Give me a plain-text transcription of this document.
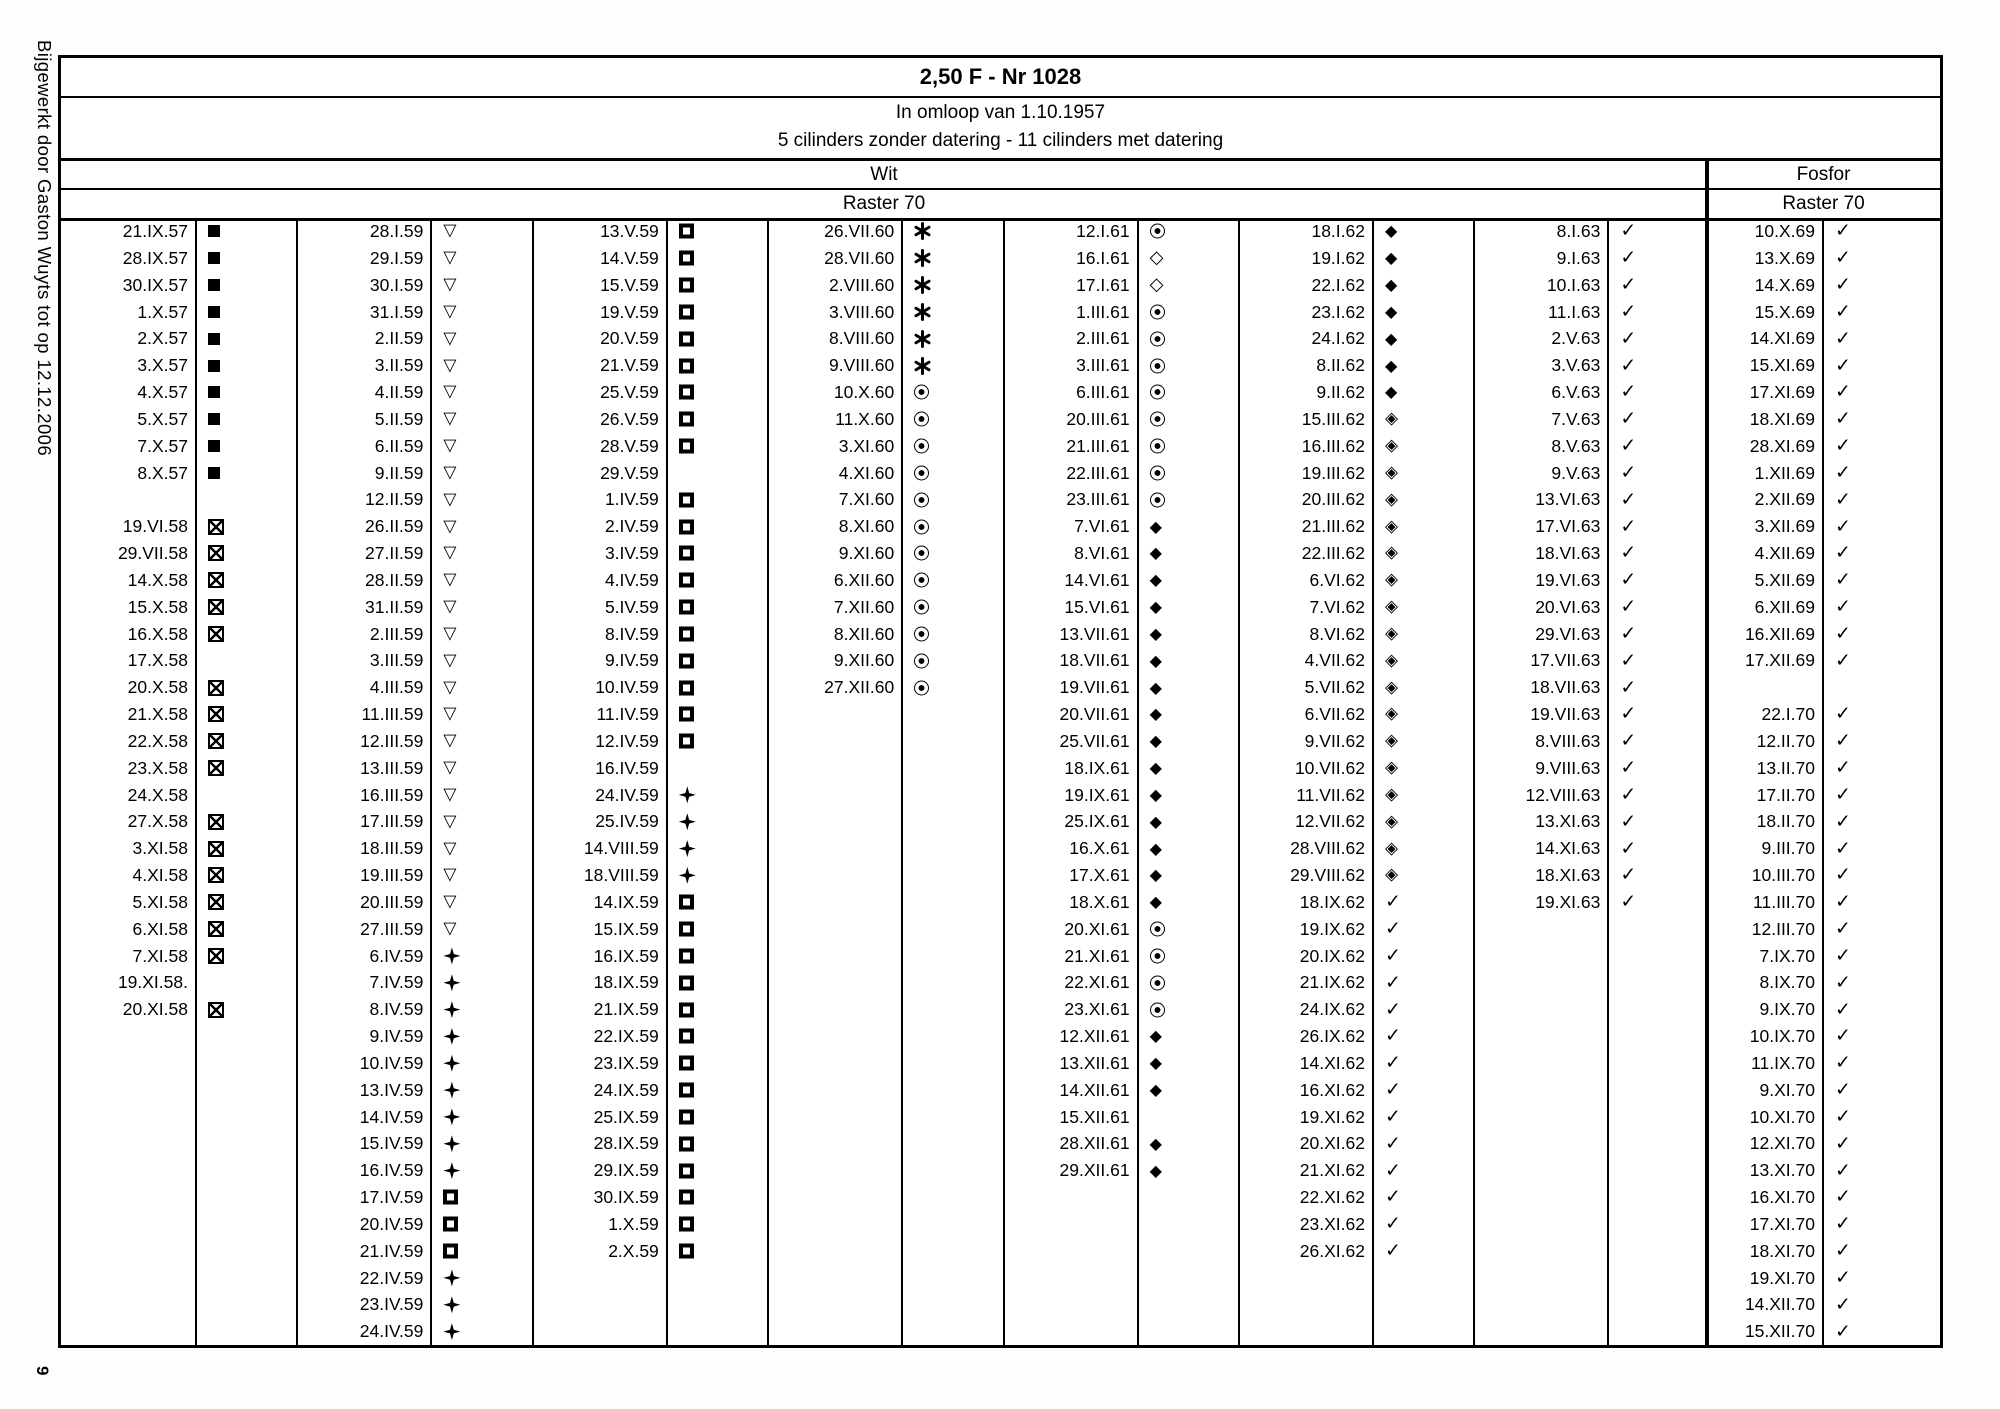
Bijgewerkt door Gaston Wuyts tot op 12.12.2006
9
2,50 F - Nr 1028
In omloop van 1.10.1957
5 cilinders zonder datering - 11 cilinders met datering
Wit	Fosfor
Raster 70	Raster 70
21.IX.57
28.IX.57
30.IX.57
1.X.57
2.X.57
3.X.57
4.X.57
5.X.57
7.X.57
8.X.57
19.VI.58
29.VII.58
14.X.58
15.X.58
16.X.58
17.X.58
20.X.58
21.X.58
22.X.58
23.X.58
24.X.58
27.X.58
3.XI.58
4.XI.58
5.XI.58
6.XI.58
7.XI.58
19.XI.58.
20.XI.58
28.I.59 ▽
29.I.59 ▽
30.I.59 ▽
31.I.59 ▽
2.II.59 ▽
3.II.59 ▽
4.II.59 ▽
5.II.59 ▽
6.II.59 ▽
9.II.59 ▽
12.II.59 ▽
26.II.59 ▽
27.II.59 ▽
28.II.59 ▽
31.II.59 ▽
2.III.59 ▽
3.III.59 ▽
4.III.59 ▽
11.III.59 ▽
12.III.59 ▽
13.III.59 ▽
16.III.59 ▽
17.III.59 ▽
18.III.59 ▽
19.III.59 ▽
20.III.59 ▽
27.III.59 ▽
6.IV.59
7.IV.59
8.IV.59
9.IV.59
10.IV.59
13.IV.59
14.IV.59
15.IV.59
16.IV.59
17.IV.59
20.IV.59
21.IV.59
22.IV.59
23.IV.59
24.IV.59
13.V.59
14.V.59
15.V.59
19.V.59
20.V.59
21.V.59
25.V.59
26.V.59
28.V.59
29.V.59
1.IV.59
2.IV.59
3.IV.59
4.IV.59
5.IV.59
8.IV.59
9.IV.59
10.IV.59
11.IV.59
12.IV.59
16.IV.59
24.IV.59
25.IV.59
14.VIII.59
18.VIII.59
14.IX.59
15.IX.59
16.IX.59
18.IX.59
21.IX.59
22.IX.59
23.IX.59
24.IX.59
25.IX.59
28.IX.59
29.IX.59
30.IX.59
1.X.59
2.X.59
26.VII.60
28.VII.60
2.VIII.60
3.VIII.60
8.VIII.60
9.VIII.60
10.X.60
11.X.60
3.XI.60
4.XI.60
7.XI.60
8.XI.60
9.XI.60
6.XII.60
7.XII.60
8.XII.60
9.XII.60
27.XII.60
12.I.61
16.I.61 ◇
17.I.61 ◇
1.III.61
2.III.61
3.III.61
6.III.61
20.III.61
21.III.61
22.III.61
23.III.61
7.VI.61 ◆
8.VI.61 ◆
14.VI.61 ◆
15.VI.61 ◆
13.VII.61 ◆
18.VII.61 ◆
19.VII.61 ◆
20.VII.61 ◆
25.VII.61 ◆
18.IX.61 ◆
19.IX.61 ◆
25.IX.61 ◆
16.X.61 ◆
17.X.61 ◆
18.X.61 ◆
20.XI.61
21.XI.61
22.XI.61
23.XI.61
12.XII.61 ◆
13.XII.61 ◆
14.XII.61 ◆
15.XII.61
28.XII.61 ◆
29.XII.61 ◆
18.I.62 ◆
19.I.62 ◆
22.I.62 ◆
23.I.62 ◆
24.I.62 ◆
8.II.62 ◆
9.II.62 ◆
15.III.62 ◈
16.III.62 ◈
19.III.62 ◈
20.III.62 ◈
21.III.62 ◈
22.III.62 ◈
6.VI.62 ◈
7.VI.62 ◈
8.VI.62 ◈
4.VII.62 ◈
5.VII.62 ◈
6.VII.62 ◈
9.VII.62 ◈
10.VII.62 ◈
11.VII.62 ◈
12.VII.62 ◈
28.VIII.62 ◈
29.VIII.62 ◈
18.IX.62 ✓
19.IX.62 ✓
20.IX.62 ✓
21.IX.62 ✓
24.IX.62 ✓
26.IX.62 ✓
14.XI.62 ✓
16.XI.62 ✓
19.XI.62 ✓
20.XI.62 ✓
21.XI.62 ✓
22.XI.62 ✓
23.XI.62 ✓
26.XI.62 ✓
8.I.63 ✓
9.I.63 ✓
10.I.63 ✓
11.I.63 ✓
2.V.63 ✓
3.V.63 ✓
6.V.63 ✓
7.V.63 ✓
8.V.63 ✓
9.V.63 ✓
13.VI.63 ✓
17.VI.63 ✓
18.VI.63 ✓
19.VI.63 ✓
20.VI.63 ✓
29.VI.63 ✓
17.VII.63 ✓
18.VII.63 ✓
19.VII.63 ✓
8.VIII.63 ✓
9.VIII.63 ✓
12.VIII.63 ✓
13.XI.63 ✓
14.XI.63 ✓
18.XI.63 ✓
19.XI.63 ✓
10.X.69 ✓
13.X.69 ✓
14.X.69 ✓
15.X.69 ✓
14.XI.69 ✓
15.XI.69 ✓
17.XI.69 ✓
18.XI.69 ✓
28.XI.69 ✓
1.XII.69 ✓
2.XII.69 ✓
3.XII.69 ✓
4.XII.69 ✓
5.XII.69 ✓
6.XII.69 ✓
16.XII.69 ✓
17.XII.69 ✓
22.I.70 ✓
12.II.70 ✓
13.II.70 ✓
17.II.70 ✓
18.II.70 ✓
9.III.70 ✓
10.III.70 ✓
11.III.70 ✓
12.III.70 ✓
7.IX.70 ✓
8.IX.70 ✓
9.IX.70 ✓
10.IX.70 ✓
11.IX.70 ✓
9.XI.70 ✓
10.XI.70 ✓
12.XI.70 ✓
13.XI.70 ✓
16.XI.70 ✓
17.XI.70 ✓
18.XI.70 ✓
19.XI.70 ✓
14.XII.70 ✓
15.XII.70 ✓
